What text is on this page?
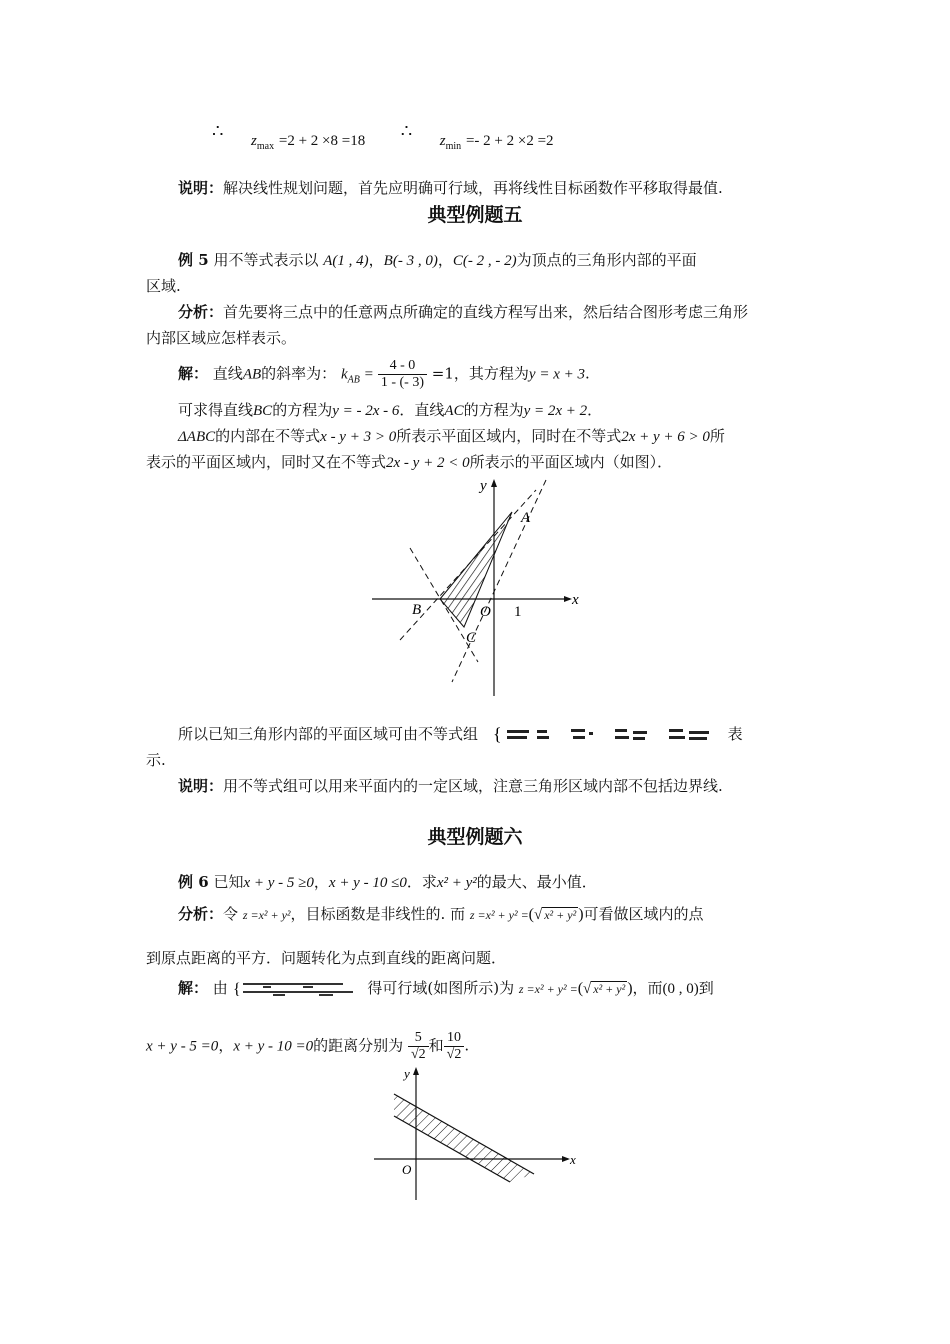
∴ $z_{max} =2 + 2 \times 8 =18$ ∴ $z_{min} =- 2 + 2 \times 2 =2$
说明：解决线性规划问题，首先应明确可行域，再将线性目标函数作平移取得最值.
典型例题五
例 5 用不等式表示以 A(1 , 4)，B(- 3 , 0)，C(- 2 , - 2)为顶点的三角形内部的平面
区域.
分析：首先要将三点中的任意两点所确定的直线方程写出来，然后结合图形考虑三角形
内部区域应怎样表示。
解： 直线AB的斜率为： $k_{AB} = \frac{4 - 0}{1 - (- 3)} =1$，其方程为y = x + 3.
可求得直线BC的方程为y = - 2x - 6．直线AC的方程为y = 2x + 2．
ΔABC的内部在不等式x - y + 3 > 0所表示平面区域内，同时在不等式2x + y + 6 > 0所
表示的平面区域内，同时又在不等式2x - y + 2 < 0所表示的平面区域内（如图）．
x
y
A
B
C
O 1
所以已知三角形内部的平面区域可由不等式组 {	表
示.
说明：用不等式组可以用来平面内的一定区域，注意三角形区域内部不包括边界线.
典型例题六
例 6 已知x + y - 5 ≥0，x + y - 10 ≤0．求x² + y²的最大、最小值．
分析：令 z =x² + y²，目标函数是非线性的. 而 z =x² + y² =(√ x² + y² )可看做区域内的点
到原点距离的平方．问题转化为点到直线的距离问题．
解： 由 {	得可行域(如图所示)为 z =x² + y² =(√ x² + y² )，而(0 , 0)到
x + y - 5 =0，x + y - 10 =0的距离分别为 $\frac{5}{√2}$ 和 $\frac{10}{√2}$ .
x
y
O
